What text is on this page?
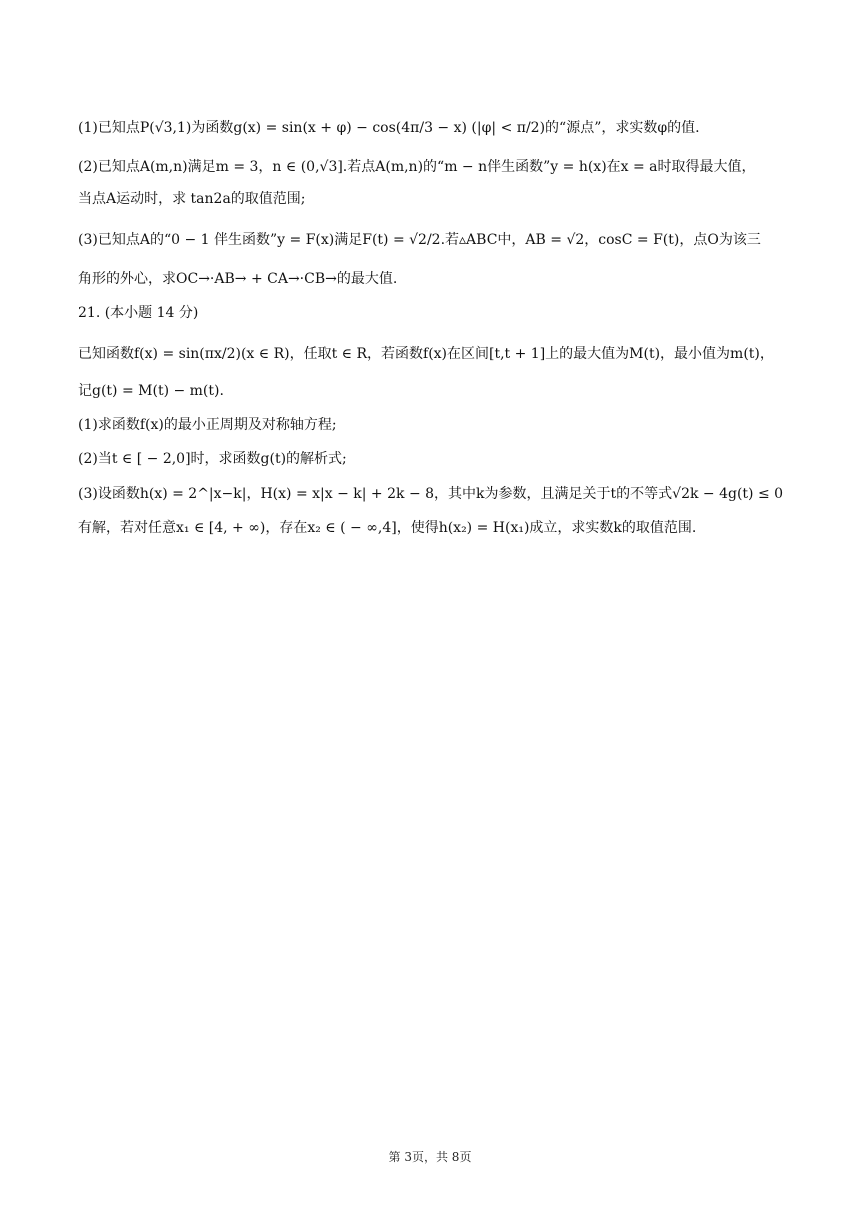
(1)已知点P(√3,1)为函数g(x) = sin(x + φ) − cos(4π/3 − x) (|φ| < π/2)的“源点”，求实数φ的值.
(2)已知点A(m,n)满足m = 3，n ∈ (0,√3].若点A(m,n)的“m − n伴生函数”y = h(x)在x = a时取得最大值，
当点A运动时，求 tan2a的取值范围;
(3)已知点A的“0 − 1 伴生函数”y = F(x)满足F(t) = √2/2.若▵ABC中，AB = √2，cosC = F(t)，点O为该三
角形的外心，求OC→·AB→ + CA→·CB→的最大值.
21. (本小题 14 分)
已知函数f(x) = sin(πx/2)(x ∈ R)，任取t ∈ R，若函数f(x)在区间[t,t + 1]上的最大值为M(t)，最小值为m(t)，
记g(t) = M(t) − m(t).
(1)求函数f(x)的最小正周期及对称轴方程;
(2)当t ∈ [ − 2,0]时，求函数g(t)的解析式;
(3)设函数h(x) = 2^|x−k|，H(x) = x|x − k| + 2k − 8，其中k为参数，且满足关于t的不等式√2k − 4g(t) ≤ 0
有解，若对任意x₁ ∈ [4, + ∞)，存在x₂ ∈ ( − ∞,4]，使得h(x₂) = H(x₁)成立，求实数k的取值范围.
第 3页，共 8页
